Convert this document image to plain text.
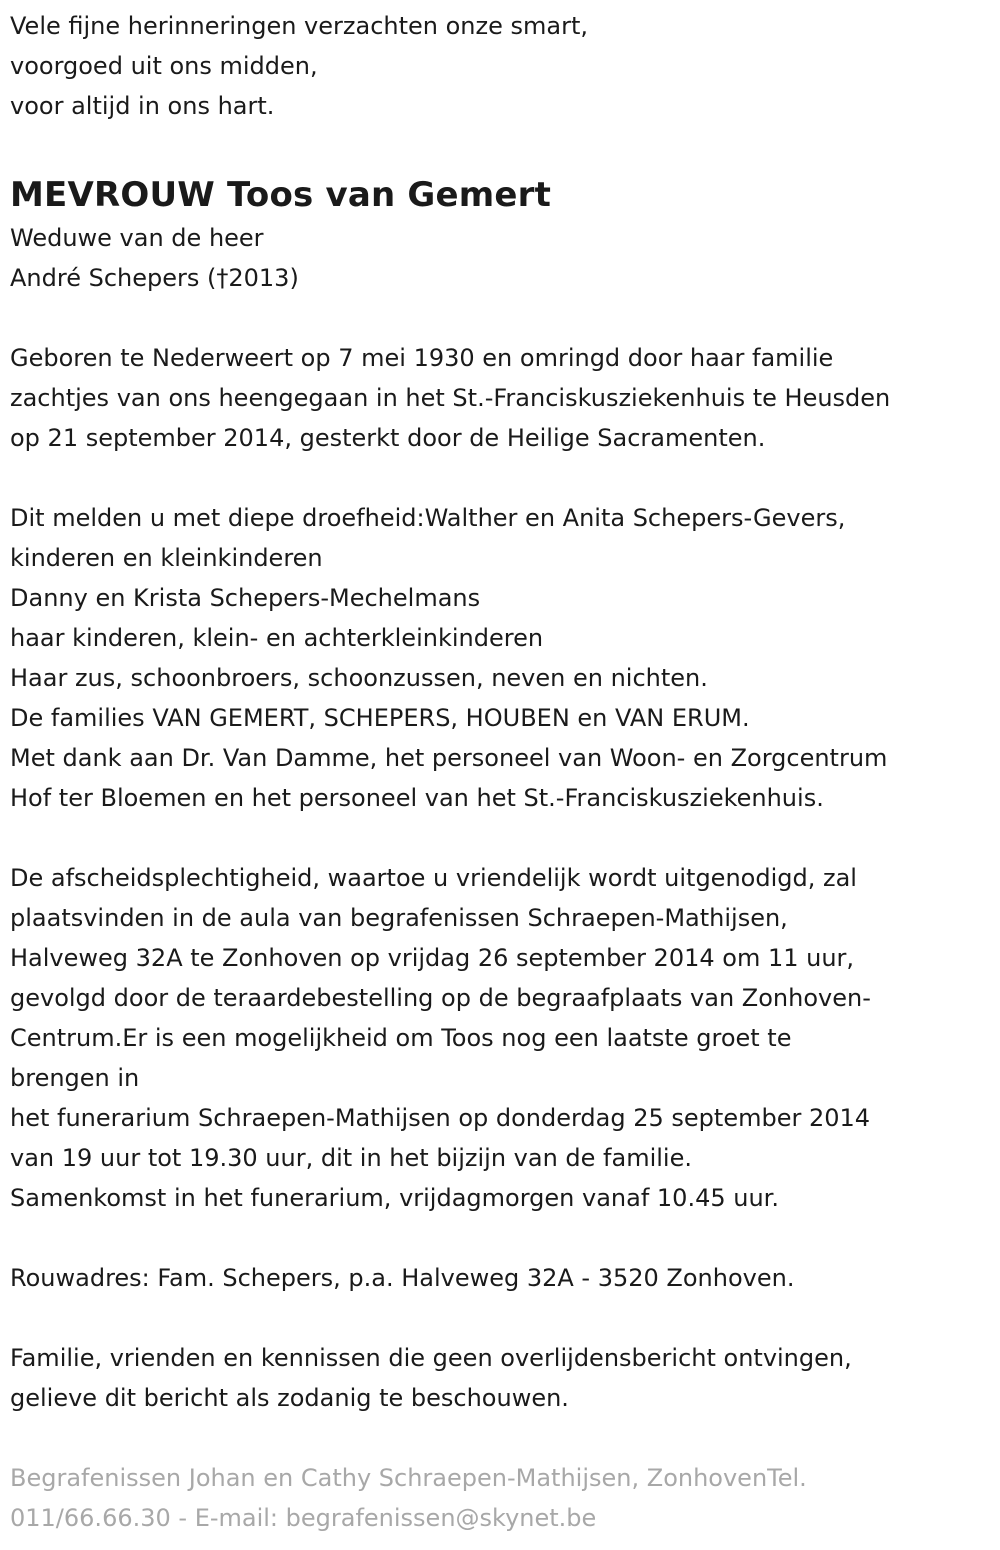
Vele fijne herinneringen verzachten onze smart,
voorgoed uit ons midden,
voor altijd in ons hart.
MEVROUW Toos van Gemert
Weduwe van de heer
André Schepers (†2013)
Geboren te Nederweert op 7 mei 1930 en omringd door haar familie
zachtjes van ons heengegaan in het St.-Franciskusziekenhuis te Heusden
op 21 september 2014, gesterkt door de Heilige Sacramenten.
Dit melden u met diepe droefheid:Walther en Anita Schepers-Gevers,
kinderen en kleinkinderen
Danny en Krista Schepers-Mechelmans
haar kinderen, klein- en achterkleinkinderen
Haar zus, schoonbroers, schoonzussen, neven en nichten.
De families VAN GEMERT, SCHEPERS, HOUBEN en VAN ERUM.
Met dank aan Dr. Van Damme, het personeel van Woon- en Zorgcentrum
Hof ter Bloemen en het personeel van het St.-Franciskusziekenhuis.
De afscheidsplechtigheid, waartoe u vriendelijk wordt uitgenodigd, zal
plaatsvinden in de aula van begrafenissen Schraepen-Mathijsen,
Halveweg 32A te Zonhoven op vrijdag 26 september 2014 om 11 uur,
gevolgd door de teraardebestelling op de begraafplaats van Zonhoven-
Centrum.Er is een mogelijkheid om Toos nog een laatste groet te
brengen in
het funerarium Schraepen-Mathijsen op donderdag 25 september 2014
van 19 uur tot 19.30 uur, dit in het bijzijn van de familie.
Samenkomst in het funerarium, vrijdagmorgen vanaf 10.45 uur.
Rouwadres: Fam. Schepers, p.a. Halveweg 32A - 3520 Zonhoven.
Familie, vrienden en kennissen die geen overlijdensbericht ontvingen,
gelieve dit bericht als zodanig te beschouwen.
Begrafenissen Johan en Cathy Schraepen-Mathijsen, ZonhovenTel.
011/66.66.30 - E-mail: begrafenissen@skynet.be
